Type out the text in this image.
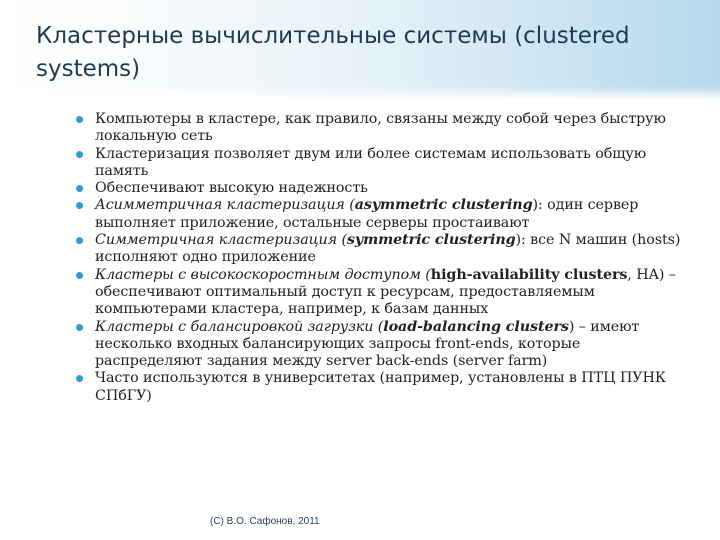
Кластерные вычислительные системы (clustered systems)
Компьютеры в кластере, как правило, связаны между собой через быструю локальную сеть
Кластеризация позволяет двум или более системам использовать общую память
Обеспечивают высокую надежность
Асимметричная кластеризация (asymmetric clustering): один сервер выполняет приложение, остальные серверы простаивают
Симметричная кластеризация (symmetric clustering): все N машин (hosts) исполняют одно приложение
Кластеры с высокоскоростным доступом (high-availability clusters, HA) – обеспечивают оптимальный доступ к ресурсам, предоставляемым компьютерами кластера, например, к базам данных
Кластеры с балансировкой загрузки (load-balancing clusters) – имеют несколько входных балансирующих запросы front-ends, которые распределяют задания между server back-ends (server farm)
Часто используются в университетах (например, установлены в ПТЦ ПУНК СПбГУ)
(C) В.О. Сафонов, 2011
